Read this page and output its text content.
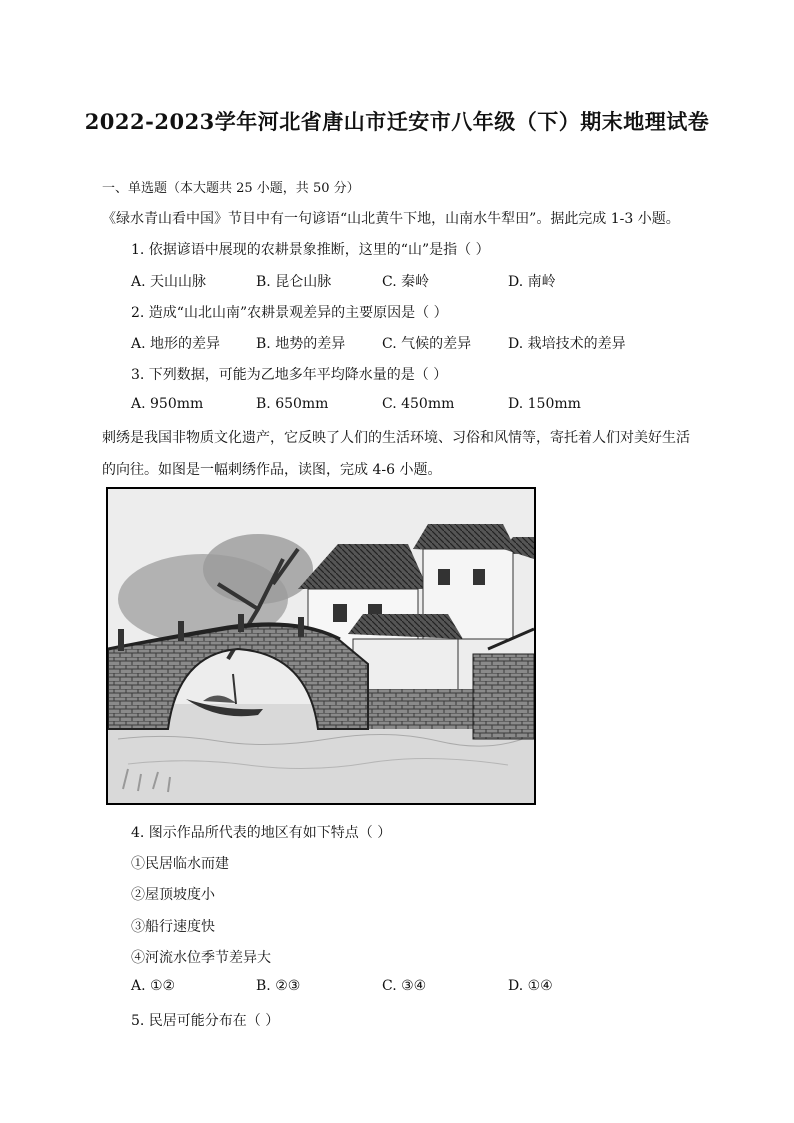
2022-2023学年河北省唐山市迁安市八年级（下）期末地理试卷
一、单选题（本大题共 25 小题，共 50 分）
《绿水青山看中国》节目中有一句谚语“山北黄牛下地，山南水牛犁田”。据此完成 1-3 小题。
1. 依据谚语中展现的农耕景象推断，这里的“山”是指（ ）
A. 天山山脉	B. 昆仑山脉	C. 秦岭	D. 南岭
2. 造成“山北山南”农耕景观差异的主要原因是（ ）
A. 地形的差异	B. 地势的差异	C. 气候的差异	D. 栽培技术的差异
3. 下列数据，可能为乙地多年平均降水量的是（ ）
A. 950mm	B. 650mm	C. 450mm	D. 150mm
刺绣是我国非物质文化遗产，它反映了人们的生活环境、习俗和风情等，寄托着人们对美好生活
的向往。如图是一幅刺绣作品，读图，完成 4-6 小题。
4. 图示作品所代表的地区有如下特点（ ）
①民居临水而建
②屋顶坡度小
③船行速度快
④河流水位季节差异大
A. ①②	B. ②③	C. ③④	D. ①④
5. 民居可能分布在（ ）
